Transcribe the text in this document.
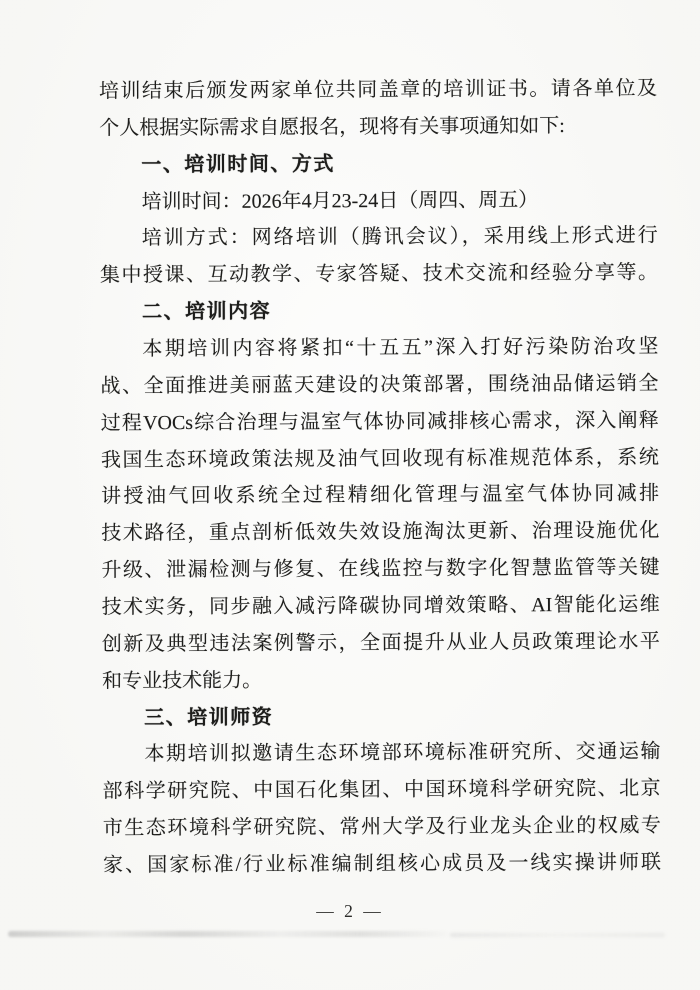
培训结束后颁发两家单位共同盖章的培训证书。请各单位及
个人根据实际需求自愿报名，现将有关事项通知如下:
一、培训时间、方式
培训时间：2026年4月23-24日（周四、周五）
培训方式：网络培训（腾讯会议），采用线上形式进行
集中授课、互动教学、专家答疑、技术交流和经验分享等。
二、培训内容
本期培训内容将紧扣“十五五”深入打好污染防治攻坚
战、全面推进美丽蓝天建设的决策部署，围绕油品储运销全
过程VOCs综合治理与温室气体协同减排核心需求，深入阐释
我国生态环境政策法规及油气回收现有标准规范体系，系统
讲授油气回收系统全过程精细化管理与温室气体协同减排
技术路径，重点剖析低效失效设施淘汰更新、治理设施优化
升级、泄漏检测与修复、在线监控与数字化智慧监管等关键
技术实务，同步融入减污降碳协同增效策略、AI智能化运维
创新及典型违法案例警示，全面提升从业人员政策理论水平
和专业技术能力。
三、培训师资
本期培训拟邀请生态环境部环境标准研究所、交通运输
部科学研究院、中国石化集团、中国环境科学研究院、北京
市生态环境科学研究院、常州大学及行业龙头企业的权威专
家、国家标准/行业标准编制组核心成员及一线实操讲师联
— 2 —
